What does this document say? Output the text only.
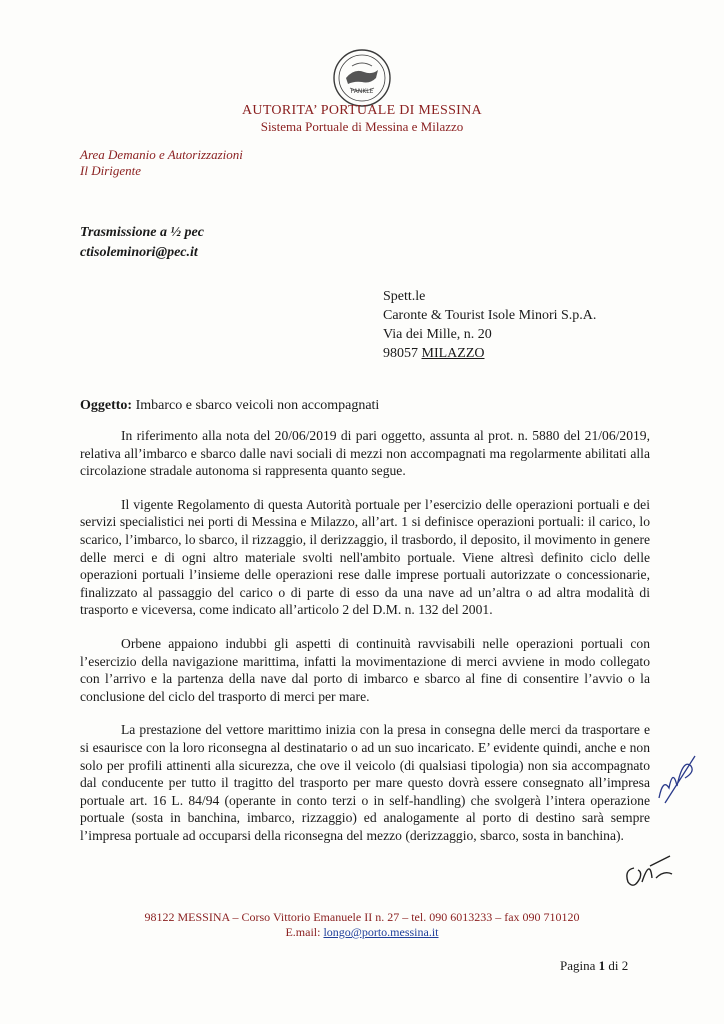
PANKLE
AUTORITA’ PORTUALE DI MESSINA
Sistema Portuale di Messina e Milazzo
Area Demanio e Autorizzazioni
Il Dirigente
Trasmissione a ½ pec
ctisoleminori@pec.it
Spett.le
Caronte & Tourist Isole Minori S.p.A.
Via dei Mille, n. 20
98057 MILAZZO
Oggetto: Imbarco e sbarco veicoli non accompagnati

In riferimento alla nota del 20/06/2019 di pari oggetto, assunta al prot. n. 5880 del 21/06/2019, relativa all’imbarco e sbarco dalle navi sociali di mezzi non accompagnati ma regolarmente abilitati alla circolazione stradale autonoma si rappresenta quanto segue.

Il vigente Regolamento di questa Autorità portuale per l’esercizio delle operazioni portuali e dei servizi specialistici nei porti di Messina e Milazzo, all’art. 1 si definisce operazioni portuali: il carico, lo scarico, l’imbarco, lo sbarco, il rizzaggio, il derizzaggio, il trasbordo, il deposito, il movimento in genere delle merci e di ogni altro materiale svolti nell'ambito portuale. Viene altresì definito ciclo delle operazioni portuali l’insieme delle operazioni rese dalle imprese portuali autorizzate o concessionarie, finalizzato al passaggio del carico o di parte di esso da una nave ad un’altra o ad altra modalità di trasporto e viceversa, come indicato all’articolo 2 del D.M. n. 132 del 2001.

Orbene appaiono indubbi gli aspetti di continuità ravvisabili nelle operazioni portuali con l’esercizio della navigazione marittima, infatti la movimentazione di merci avviene in modo collegato con l’arrivo e la partenza della nave dal porto di imbarco e sbarco al fine di consentire l’avvio o la conclusione del ciclo del trasporto di merci per mare.

La prestazione del vettore marittimo inizia con la presa in consegna delle merci da trasportare e si esaurisce con la loro riconsegna al destinatario o ad un suo incaricato. E’ evidente quindi, anche e non solo per profili attinenti alla sicurezza, che ove il veicolo (di qualsiasi tipologia) non sia accompagnato dal conducente per tutto il tragitto del trasporto per mare questo dovrà essere consegnato all’impresa portuale art. 16 L. 84/94 (operante in conto terzi o in self-handling) che svolgerà l’intera operazione portuale (sosta in banchina, imbarco, rizzaggio) ed analogamente al porto di destino sarà sempre l’impresa portuale ad occuparsi della riconsegna del mezzo (derizzaggio, sbarco, sosta in banchina).

98122 MESSINA – Corso Vittorio Emanuele II n. 27 – tel. 090 6013233 – fax 090 710120
E.mail: longo@porto.messina.it
Pagina 1 di 2
